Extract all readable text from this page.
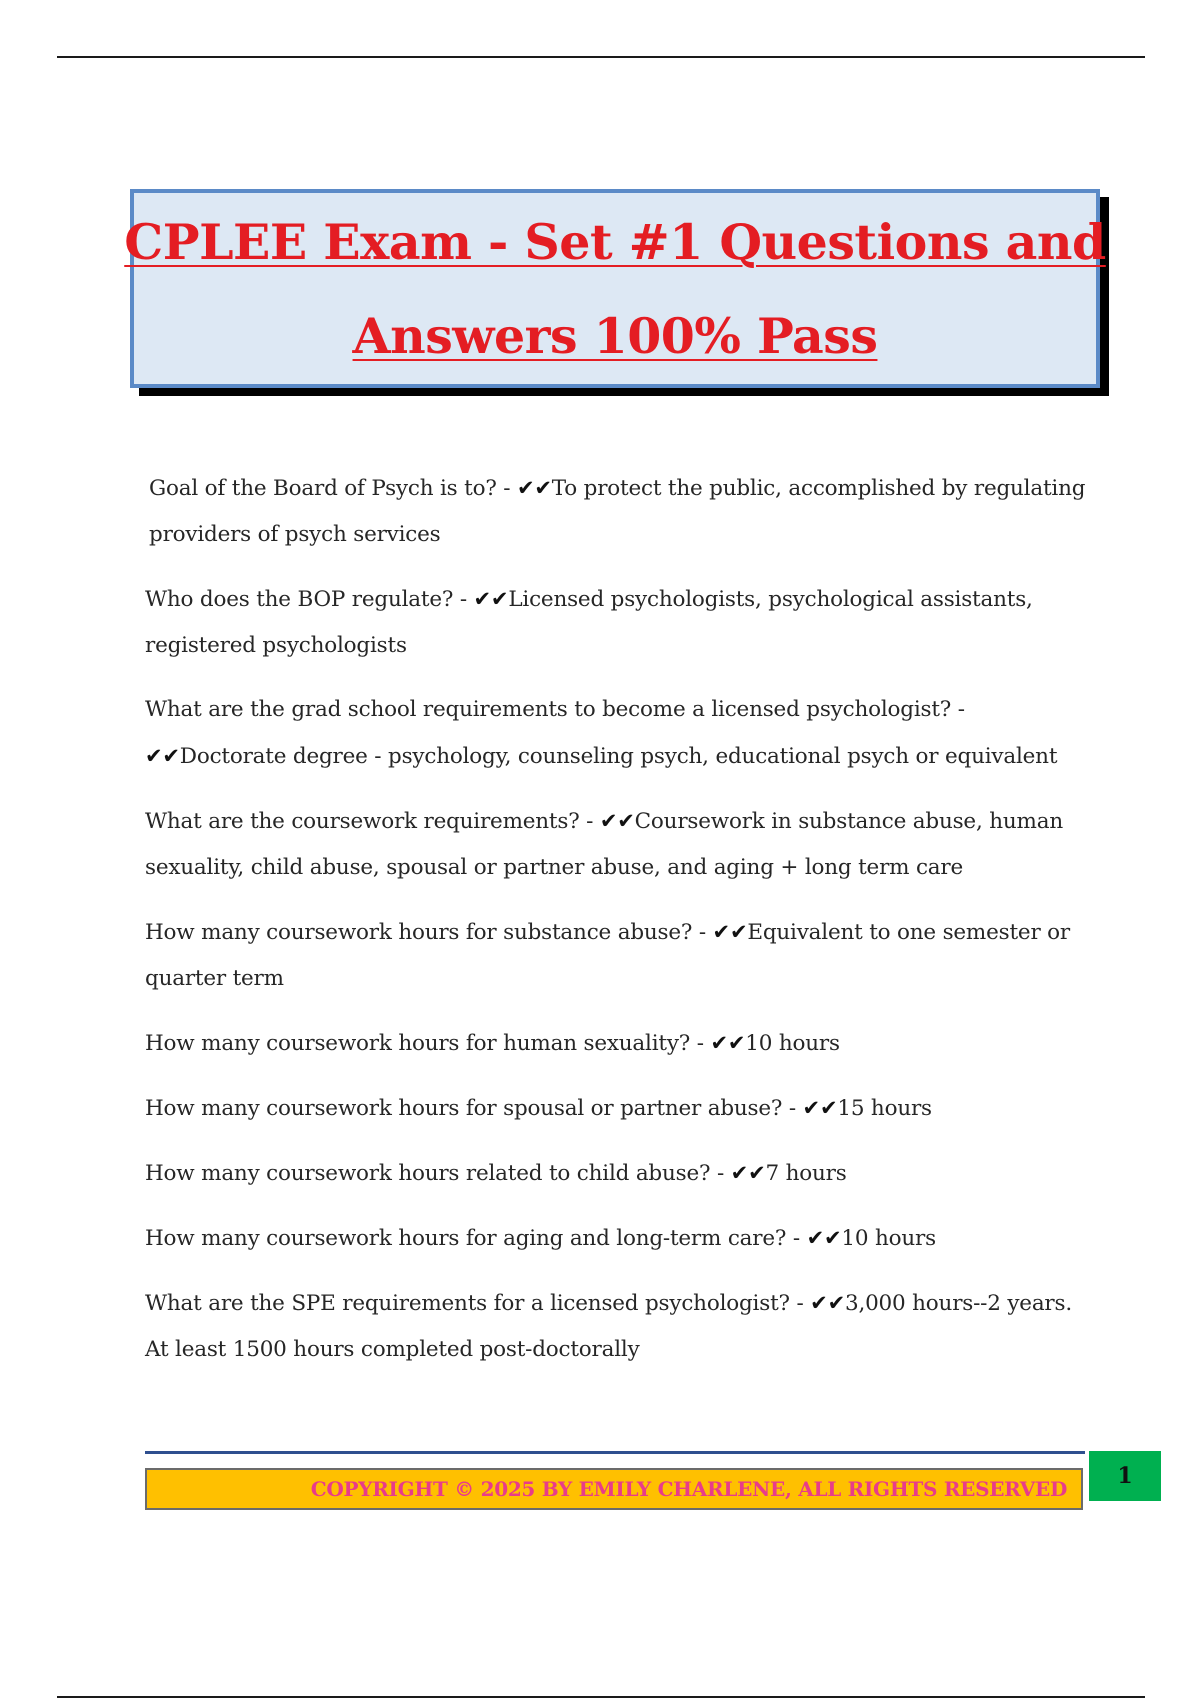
CPLEE Exam - Set #1 Questions and
Answers 100% Pass

Goal of the Board of Psych is to? - ✔✔To protect the public, accomplished by regulating providers of psych services

Who does the BOP regulate? - ✔✔Licensed psychologists, psychological assistants, registered psychologists

What are the grad school requirements to become a licensed psychologist? - ✔✔Doctorate degree - psychology, counseling psych, educational psych or equivalent

What are the coursework requirements? - ✔✔Coursework in substance abuse, human sexuality, child abuse, spousal or partner abuse, and aging + long term care

How many coursework hours for substance abuse? - ✔✔Equivalent to one semester or quarter term

How many coursework hours for human sexuality? - ✔✔10 hours

How many coursework hours for spousal or partner abuse? - ✔✔15 hours

How many coursework hours related to child abuse? - ✔✔7 hours

How many coursework hours for aging and long-term care? - ✔✔10 hours

What are the SPE requirements for a licensed psychologist? - ✔✔3,000 hours--2 years. At least 1500 hours completed post-doctorally

COPYRIGHT © 2025 BY EMILY CHARLENE, ALL RIGHTS RESERVED	1
